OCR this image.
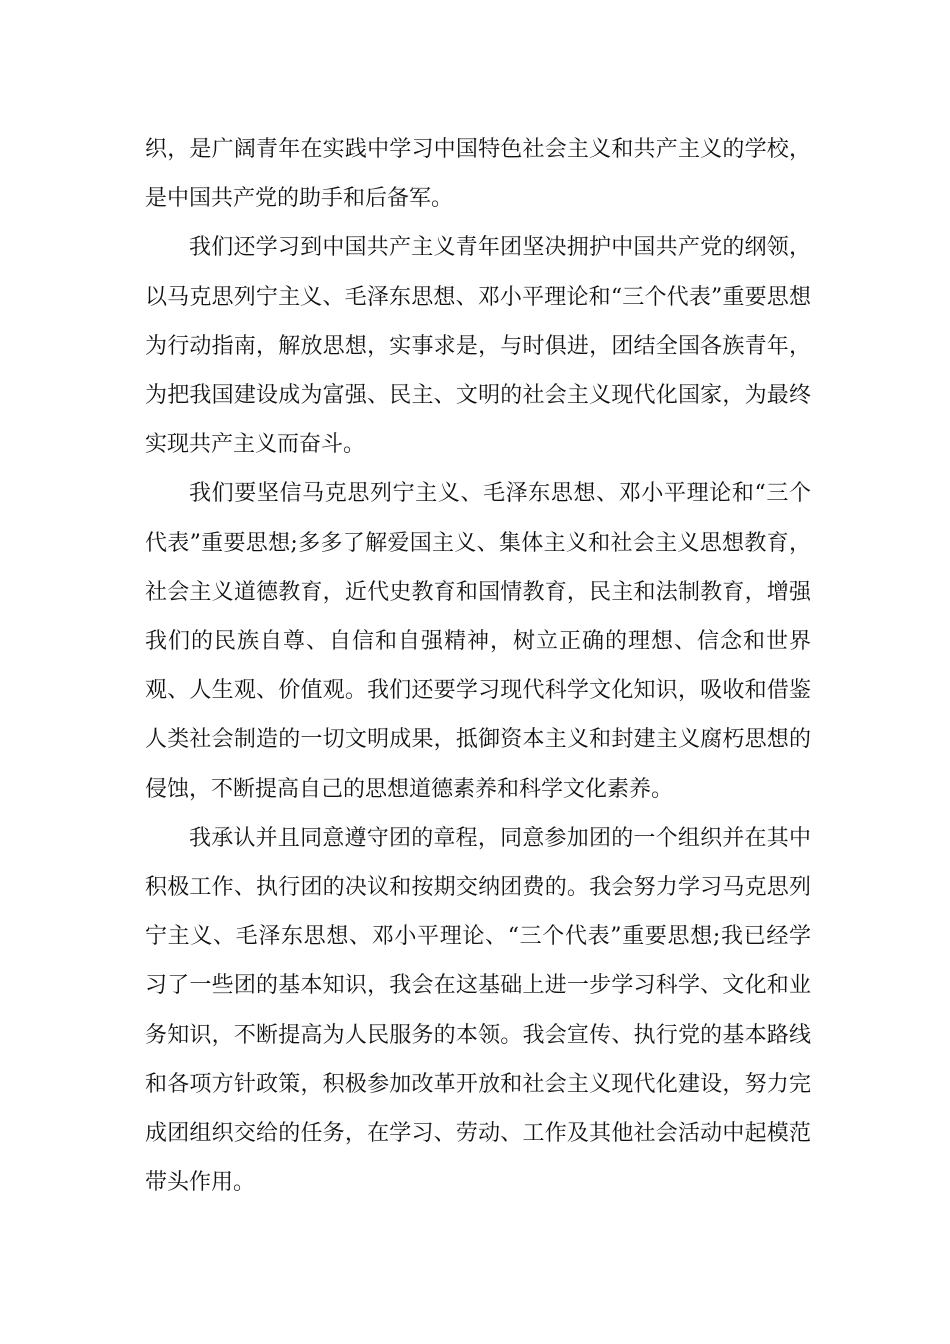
织，是广阔青年在实践中学习中国特色社会主义和共产主义的学校，是中国共产党的助手和后备军。

我们还学习到中国共产主义青年团坚决拥护中国共产党的纲领，以马克思列宁主义、毛泽东思想、邓小平理论和“三个代表”重要思想为行动指南，解放思想，实事求是，与时俱进，团结全国各族青年，为把我国建设成为富强、民主、文明的社会主义现代化国家，为最终实现共产主义而奋斗。

我们要坚信马克思列宁主义、毛泽东思想、邓小平理论和“三个代表”重要思想;多多了解爱国主义、集体主义和社会主义思想教育，社会主义道德教育，近代史教育和国情教育，民主和法制教育，增强我们的民族自尊、自信和自强精神，树立正确的理想、信念和世界观、人生观、价值观。我们还要学习现代科学文化知识，吸收和借鉴人类社会制造的一切文明成果，抵御资本主义和封建主义腐朽思想的侵蚀，不断提高自己的思想道德素养和科学文化素养。

我承认并且同意遵守团的章程，同意参加团的一个组织并在其中积极工作、执行团的决议和按期交纳团费的。我会努力学习马克思列宁主义、毛泽东思想、邓小平理论、“三个代表”重要思想;我已经学习了一些团的基本知识，我会在这基础上进一步学习科学、文化和业务知识，不断提高为人民服务的本领。我会宣传、执行党的基本路线和各项方针政策，积极参加改革开放和社会主义现代化建设，努力完成团组织交给的任务，在学习、劳动、工作及其他社会活动中起模范带头作用。
